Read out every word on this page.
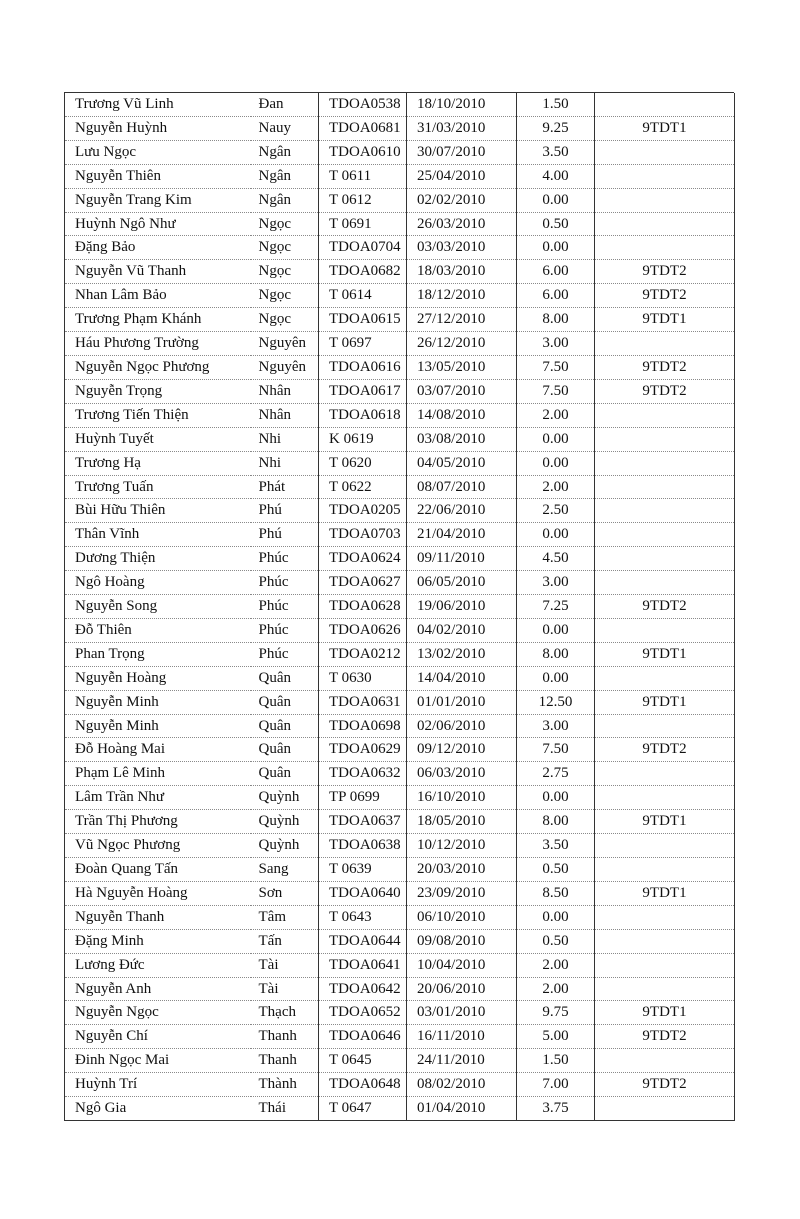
Trương Vũ Linh	Đan	TDOA0538	18/10/2010	1.50	
Nguyễn Huỳnh	Nauy	TDOA0681	31/03/2010	9.25	9TDT1
Lưu Ngọc	Ngân	TDOA0610	30/07/2010	3.50	
Nguyễn Thiên	Ngân	T 0611	25/04/2010	4.00	
Nguyễn Trang Kim	Ngân	T 0612	02/02/2010	0.00	
Huỳnh Ngô Như	Ngọc	T 0691	26/03/2010	0.50	
Đặng Bảo	Ngọc	TDOA0704	03/03/2010	0.00	
Nguyễn Vũ Thanh	Ngọc	TDOA0682	18/03/2010	6.00	9TDT2
Nhan Lâm Bảo	Ngọc	T 0614	18/12/2010	6.00	9TDT2
Trương Phạm Khánh	Ngọc	TDOA0615	27/12/2010	8.00	9TDT1
Háu Phương Trường	Nguyên	T 0697	26/12/2010	3.00	
Nguyễn Ngọc Phương	Nguyên	TDOA0616	13/05/2010	7.50	9TDT2
Nguyễn Trọng	Nhân	TDOA0617	03/07/2010	7.50	9TDT2
Trương Tiến Thiện	Nhân	TDOA0618	14/08/2010	2.00	
Huỳnh Tuyết	Nhi	K 0619	03/08/2010	0.00	
Trương Hạ	Nhi	T 0620	04/05/2010	0.00	
Trương Tuấn	Phát	T 0622	08/07/2010	2.00	
Bùi Hữu Thiên	Phú	TDOA0205	22/06/2010	2.50	
Thân Vĩnh	Phú	TDOA0703	21/04/2010	0.00	
Dương Thiện	Phúc	TDOA0624	09/11/2010	4.50	
Ngô Hoàng	Phúc	TDOA0627	06/05/2010	3.00	
Nguyễn Song	Phúc	TDOA0628	19/06/2010	7.25	9TDT2
Đỗ Thiên	Phúc	TDOA0626	04/02/2010	0.00	
Phan Trọng	Phúc	TDOA0212	13/02/2010	8.00	9TDT1
Nguyễn Hoàng	Quân	T 0630	14/04/2010	0.00	
Nguyễn Minh	Quân	TDOA0631	01/01/2010	12.50	9TDT1
Nguyễn Minh	Quân	TDOA0698	02/06/2010	3.00	
Đỗ Hoàng Mai	Quân	TDOA0629	09/12/2010	7.50	9TDT2
Phạm Lê Minh	Quân	TDOA0632	06/03/2010	2.75	
Lâm Trần Như	Quỳnh	TP 0699	16/10/2010	0.00	
Trần Thị Phương	Quỳnh	TDOA0637	18/05/2010	8.00	9TDT1
Vũ Ngọc Phương	Quỳnh	TDOA0638	10/12/2010	3.50	
Đoàn Quang Tấn	Sang	T 0639	20/03/2010	0.50	
Hà Nguyễn Hoàng	Sơn	TDOA0640	23/09/2010	8.50	9TDT1
Nguyễn Thanh	Tâm	T 0643	06/10/2010	0.00	
Đặng Minh	Tấn	TDOA0644	09/08/2010	0.50	
Lương Đức	Tài	TDOA0641	10/04/2010	2.00	
Nguyễn Anh	Tài	TDOA0642	20/06/2010	2.00	
Nguyễn Ngọc	Thạch	TDOA0652	03/01/2010	9.75	9TDT1
Nguyễn Chí	Thanh	TDOA0646	16/11/2010	5.00	9TDT2
Đinh Ngọc Mai	Thanh	T 0645	24/11/2010	1.50	
Huỳnh Trí	Thành	TDOA0648	08/02/2010	7.00	9TDT2
Ngô Gia	Thái	T 0647	01/04/2010	3.75	
